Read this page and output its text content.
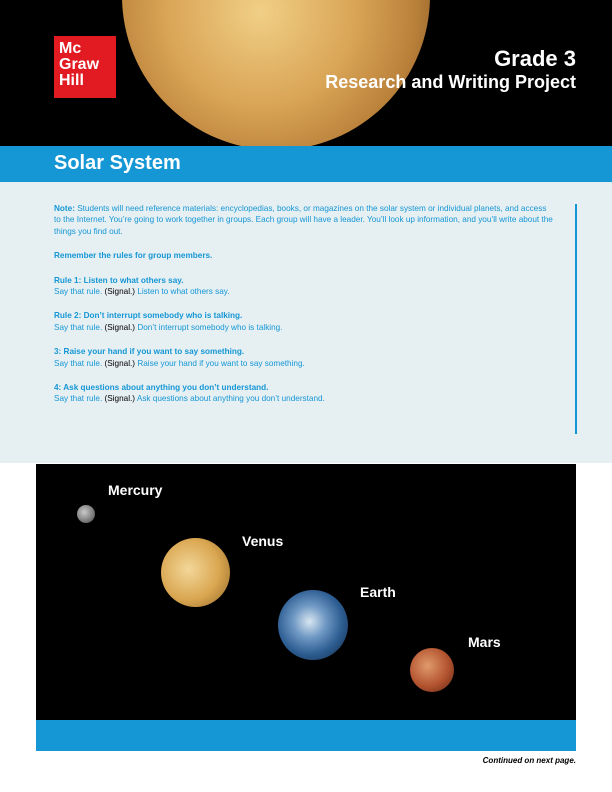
Mc
Graw
Hill
Grade 3
Research and Writing Project
Solar System

Note: Students will need reference materials: encyclopedias, books, or magazines on the solar system or individual planets, and access to the Internet. You’re going to work together in groups. Each group will have a leader. You’ll look up information, and you’ll write about the things you find out.

Remember the rules for group members.

Rule 1: Listen to what others say.
Say that rule. (Signal.) Listen to what others say.

Rule 2: Don’t interrupt somebody who is talking.
Say that rule. (Signal.) Don’t interrupt somebody who is talking.

3: Raise your hand if you want to say something.
Say that rule. (Signal.) Raise your hand if you want to say something.

4: Ask questions about anything you don’t understand.
Say that rule. (Signal.) Ask questions about anything you don’t understand.

Mercury
Venus
Earth
Mars
Continued on next page.
